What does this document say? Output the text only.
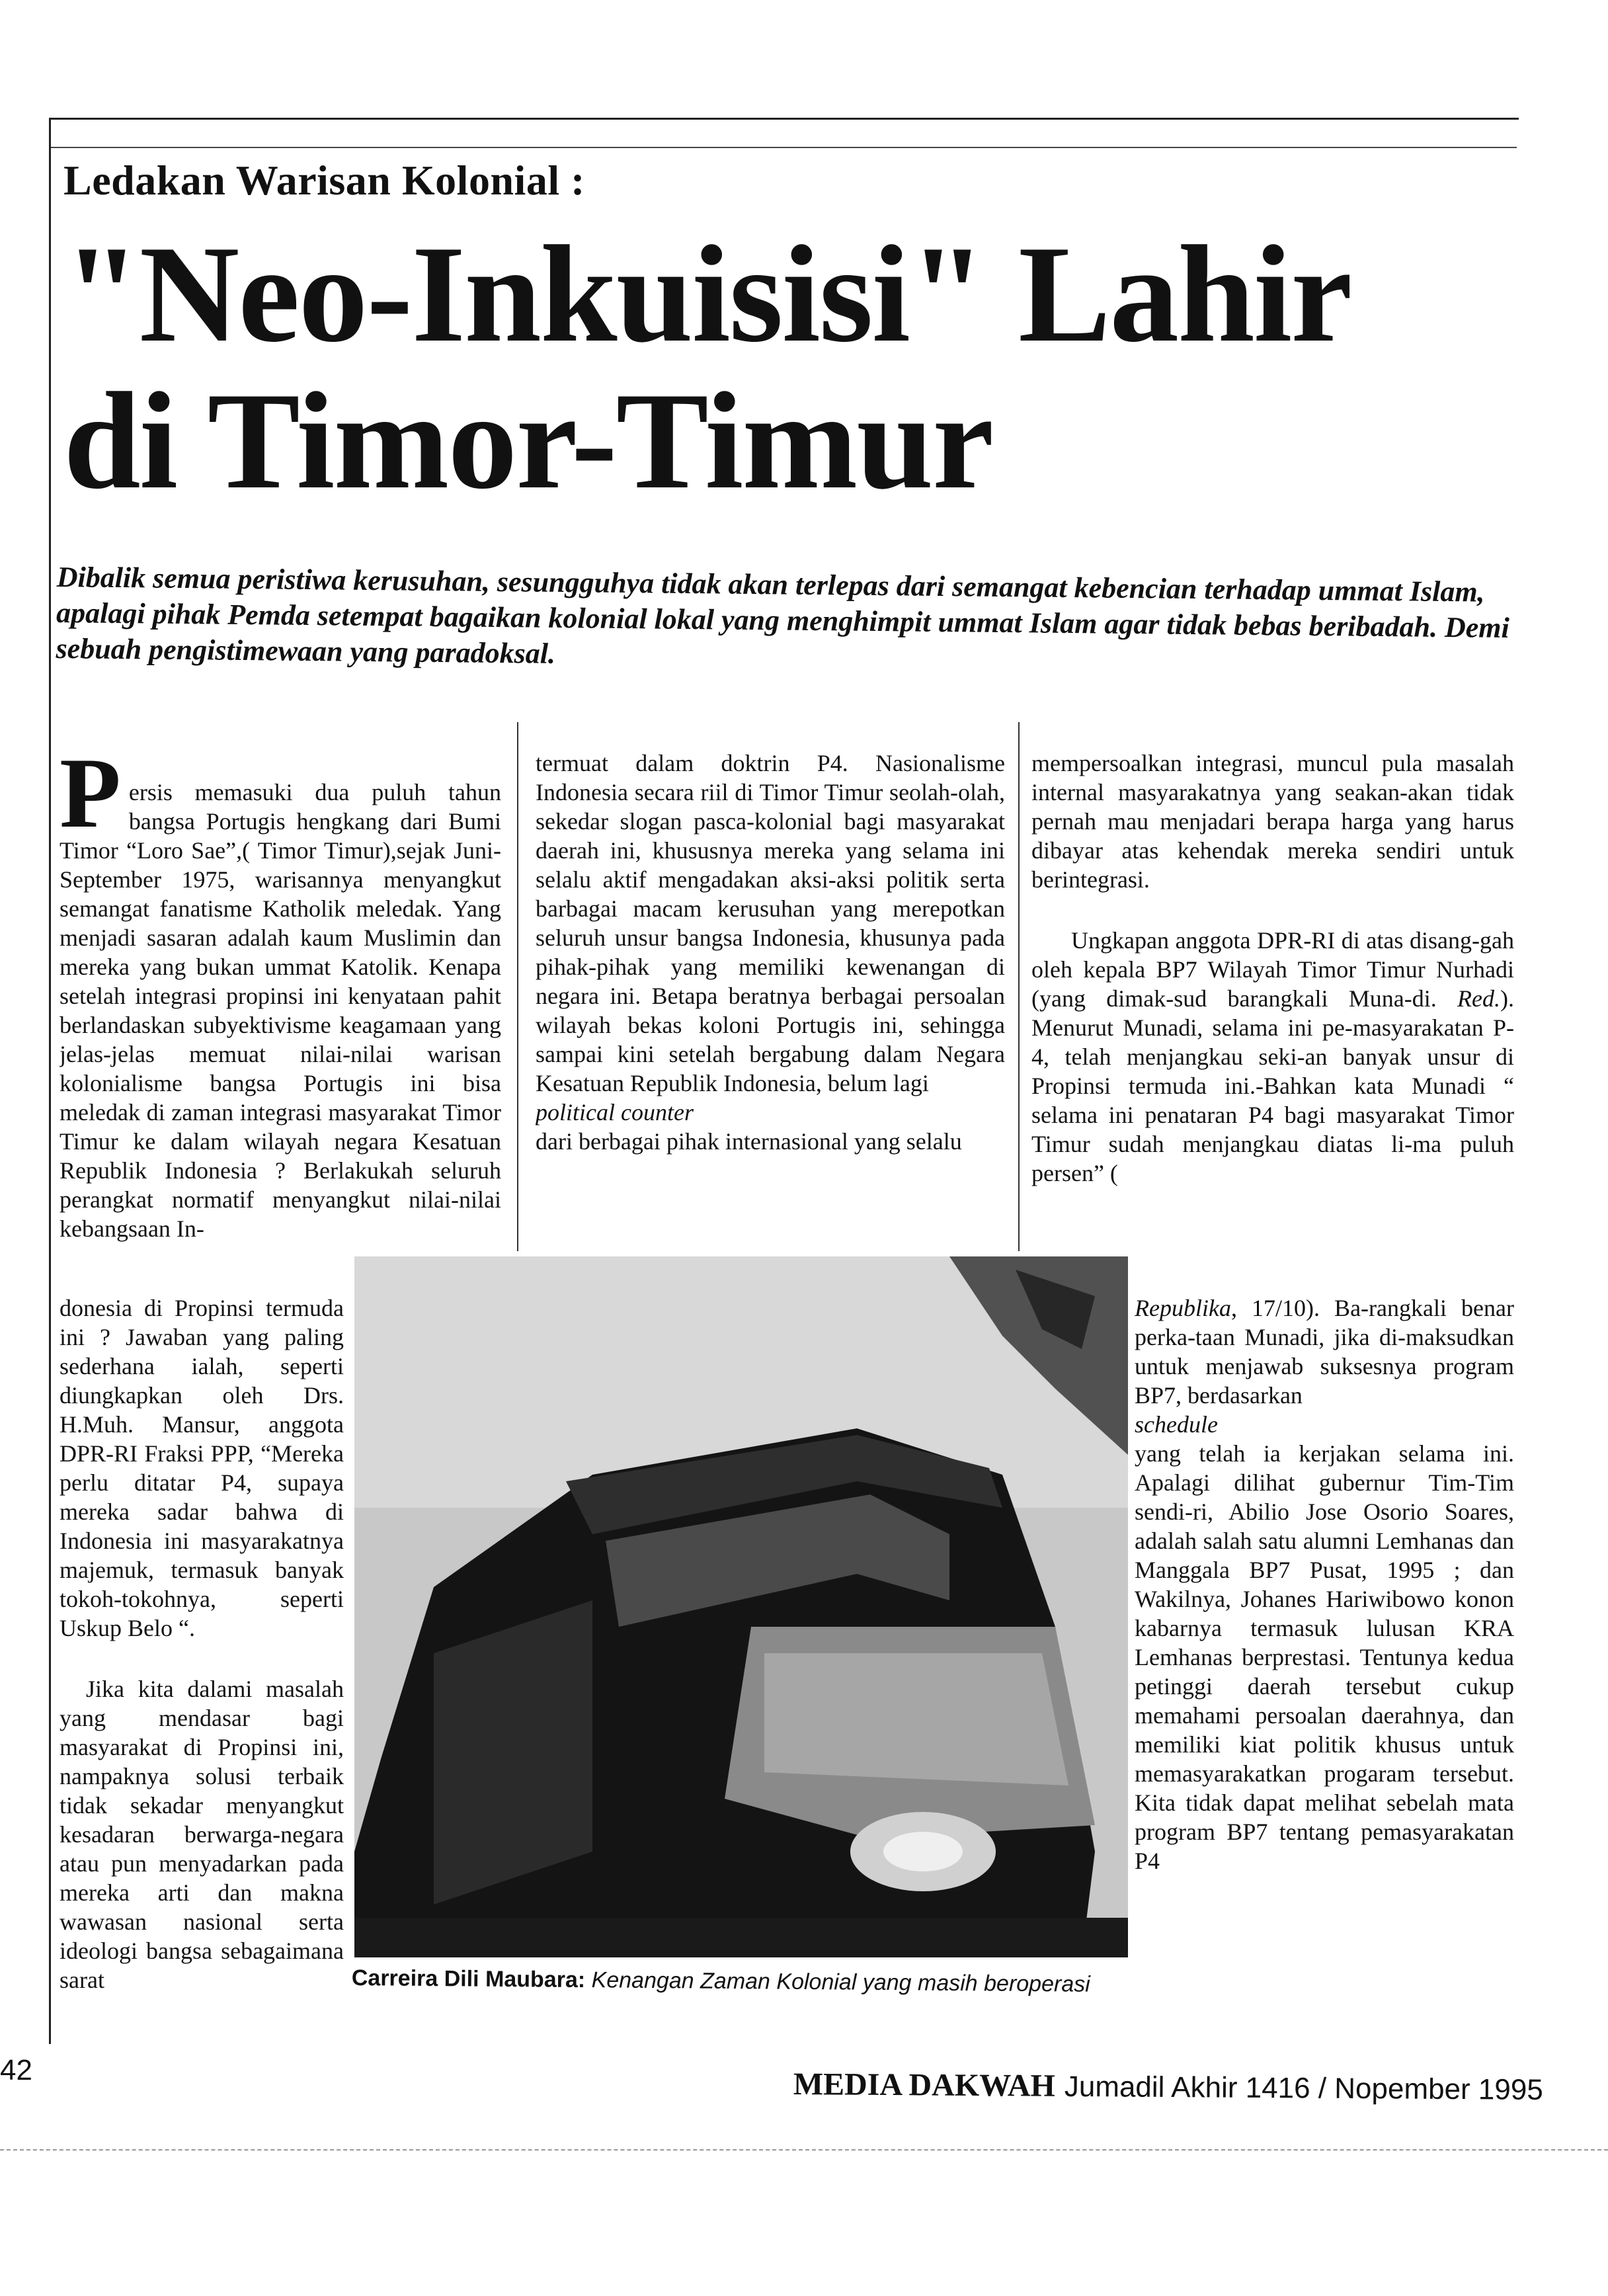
Ledakan Warisan Kolonial :
"Neo-Inkuisisi" Lahir
di Timor-Timur
Dibalik semua peristiwa kerusuhan, sesungguhya tidak akan terlepas dari semangat kebencian terhadap ummat Islam, apalagi pihak Pemda setempat bagaikan kolonial lokal yang menghimpit ummat Islam agar tidak bebas beribadah. Demi sebuah pengistimewaan yang paradoksal.

P ersis memasuki dua puluh tahun bangsa Portugis hengkang dari Bumi Timor “Loro Sae”,( Timor Timur),sejak Juni-September 1975, warisannya menyangkut semangat fanatisme Katholik meledak. Yang menjadi sasaran adalah kaum Muslimin dan mereka yang bukan ummat Katolik. Kenapa setelah integrasi propinsi ini kenyataan pahit berlandaskan subyektivisme keagamaan yang jelas-jelas memuat nilai-nilai warisan kolonialisme bangsa Portugis ini bisa meledak di zaman integrasi masyarakat Timor Timur ke dalam wilayah negara Kesatuan Republik Indonesia ? Berlakukah seluruh perangkat normatif menyangkut nilai-nilai kebangsaan In-

donesia di Propinsi termuda ini ? Jawaban yang paling sederhana ialah, seperti diungkapkan oleh Drs. H.Muh. Mansur, anggota DPR-RI Fraksi PPP, “Mereka perlu ditatar P4, supaya mereka sadar bahwa di Indonesia ini masyarakatnya majemuk, termasuk banyak tokoh-tokohnya, seperti Uskup Belo “.

Jika kita dalami masalah yang mendasar bagi masyarakat di Propinsi ini, nampaknya solusi terbaik tidak sekadar menyangkut kesadaran berwarga-negara atau pun menyadarkan pada mereka arti dan makna wawasan nasional serta ideologi bangsa sebagaimana sarat

termuat dalam doktrin P4. Nasionalisme Indonesia secara riil di Timor Timur seolah-olah, sekedar slogan pasca-kolonial bagi masyarakat daerah ini, khususnya mereka yang selama ini selalu aktif mengadakan aksi-aksi politik serta barbagai macam kerusuhan yang merepotkan seluruh unsur bangsa Indonesia, khusunya pada pihak-pihak yang memiliki kewenangan di negara ini. Betapa beratnya berbagai persoalan wilayah bekas koloni Portugis ini, sehingga sampai kini setelah bergabung dalam Negara Kesatuan Republik Indonesia, belum lagi
political counter
dari berbagai pihak internasional yang selalu

mempersoalkan integrasi, muncul pula masalah internal masyarakatnya yang seakan-akan tidak pernah mau menjadari berapa harga yang harus dibayar atas kehendak mereka sendiri untuk berintegrasi.

Ungkapan anggota DPR-RI di atas disang-gah oleh kepala BP7 Wilayah Timor Timur Nurhadi (yang dimak-sud barangkali Muna-di. Red.). Menurut Munadi, selama ini pe-masyarakatan P-4, telah menjangkau seki-an banyak unsur di Propinsi termuda ini.-Bahkan kata Munadi “ selama ini penataran P4 bagi masyarakat Timor Timur sudah menjangkau diatas li-ma puluh persen” (

Republika, 17/10). Ba-rangkali benar perka-taan Munadi, jika di-maksudkan untuk menjawab suksesnya program BP7, berdasarkan
schedule
yang telah ia kerjakan selama ini. Apalagi dilihat gubernur Tim-Tim sendi-ri, Abilio Jose Osorio Soares, adalah salah satu alumni Lemhanas dan Manggala BP7 Pusat, 1995 ; dan Wakilnya, Johanes Hariwibowo konon kabarnya termasuk lulusan KRA Lemhanas berprestasi. Tentunya kedua petinggi daerah tersebut cukup memahami persoalan daerahnya, dan memiliki kiat politik khusus untuk memasyarakatkan progaram tersebut. Kita tidak dapat melihat sebelah mata program BP7 tentang pemasyarakatan P4

Carreira Dili Maubara: Kenangan Zaman Kolonial yang masih beroperasi
42	MEDIA DAKWAH Jumadil Akhir 1416 / Nopember 1995
